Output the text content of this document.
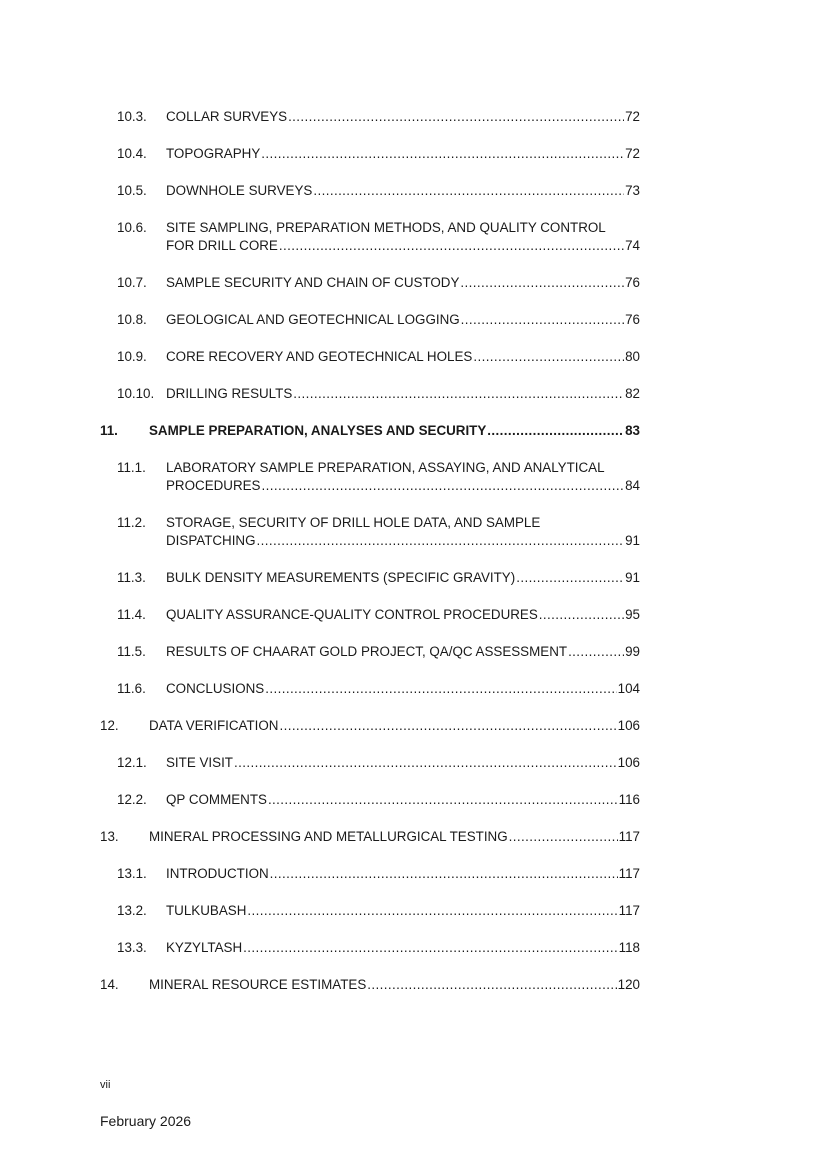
10.3.	COLLAR SURVEYS .....	72
10.4.	TOPOGRAPHY .....	72
10.5.	DOWNHOLE SURVEYS .....	73
10.6.	SITE SAMPLING, PREPARATION METHODS, AND QUALITY CONTROL
FOR DRILL CORE .....	74
10.7.	SAMPLE SECURITY AND CHAIN OF CUSTODY .....	76
10.8.	GEOLOGICAL AND GEOTECHNICAL LOGGING .....	76
10.9.	CORE RECOVERY AND GEOTECHNICAL HOLES .....	80
10.10. DRILLING RESULTS .....	82
11.	SAMPLE PREPARATION, ANALYSES AND SECURITY .....	83
11.1.	LABORATORY SAMPLE PREPARATION, ASSAYING, AND ANALYTICAL
PROCEDURES .....	84
11.2.	STORAGE, SECURITY OF DRILL HOLE DATA, AND SAMPLE
DISPATCHING .....	91
11.3.	BULK DENSITY MEASUREMENTS (SPECIFIC GRAVITY) .....	91
11.4.	QUALITY ASSURANCE-QUALITY CONTROL PROCEDURES .....	95
11.5.	RESULTS OF CHAARAT GOLD PROJECT, QA/QC ASSESSMENT .....	99
11.6.	CONCLUSIONS .....	104
12.	DATA VERIFICATION .....	106
12.1.	SITE VISIT .....	106
12.2.	QP COMMENTS .....	116
13.	MINERAL PROCESSING AND METALLURGICAL TESTING .....	117
13.1.	INTRODUCTION .....	117
13.2.	TULKUBASH .....	117
13.3.	KYZYLTASH .....	118
14.	MINERAL RESOURCE ESTIMATES .....	120
vii
February 2026
